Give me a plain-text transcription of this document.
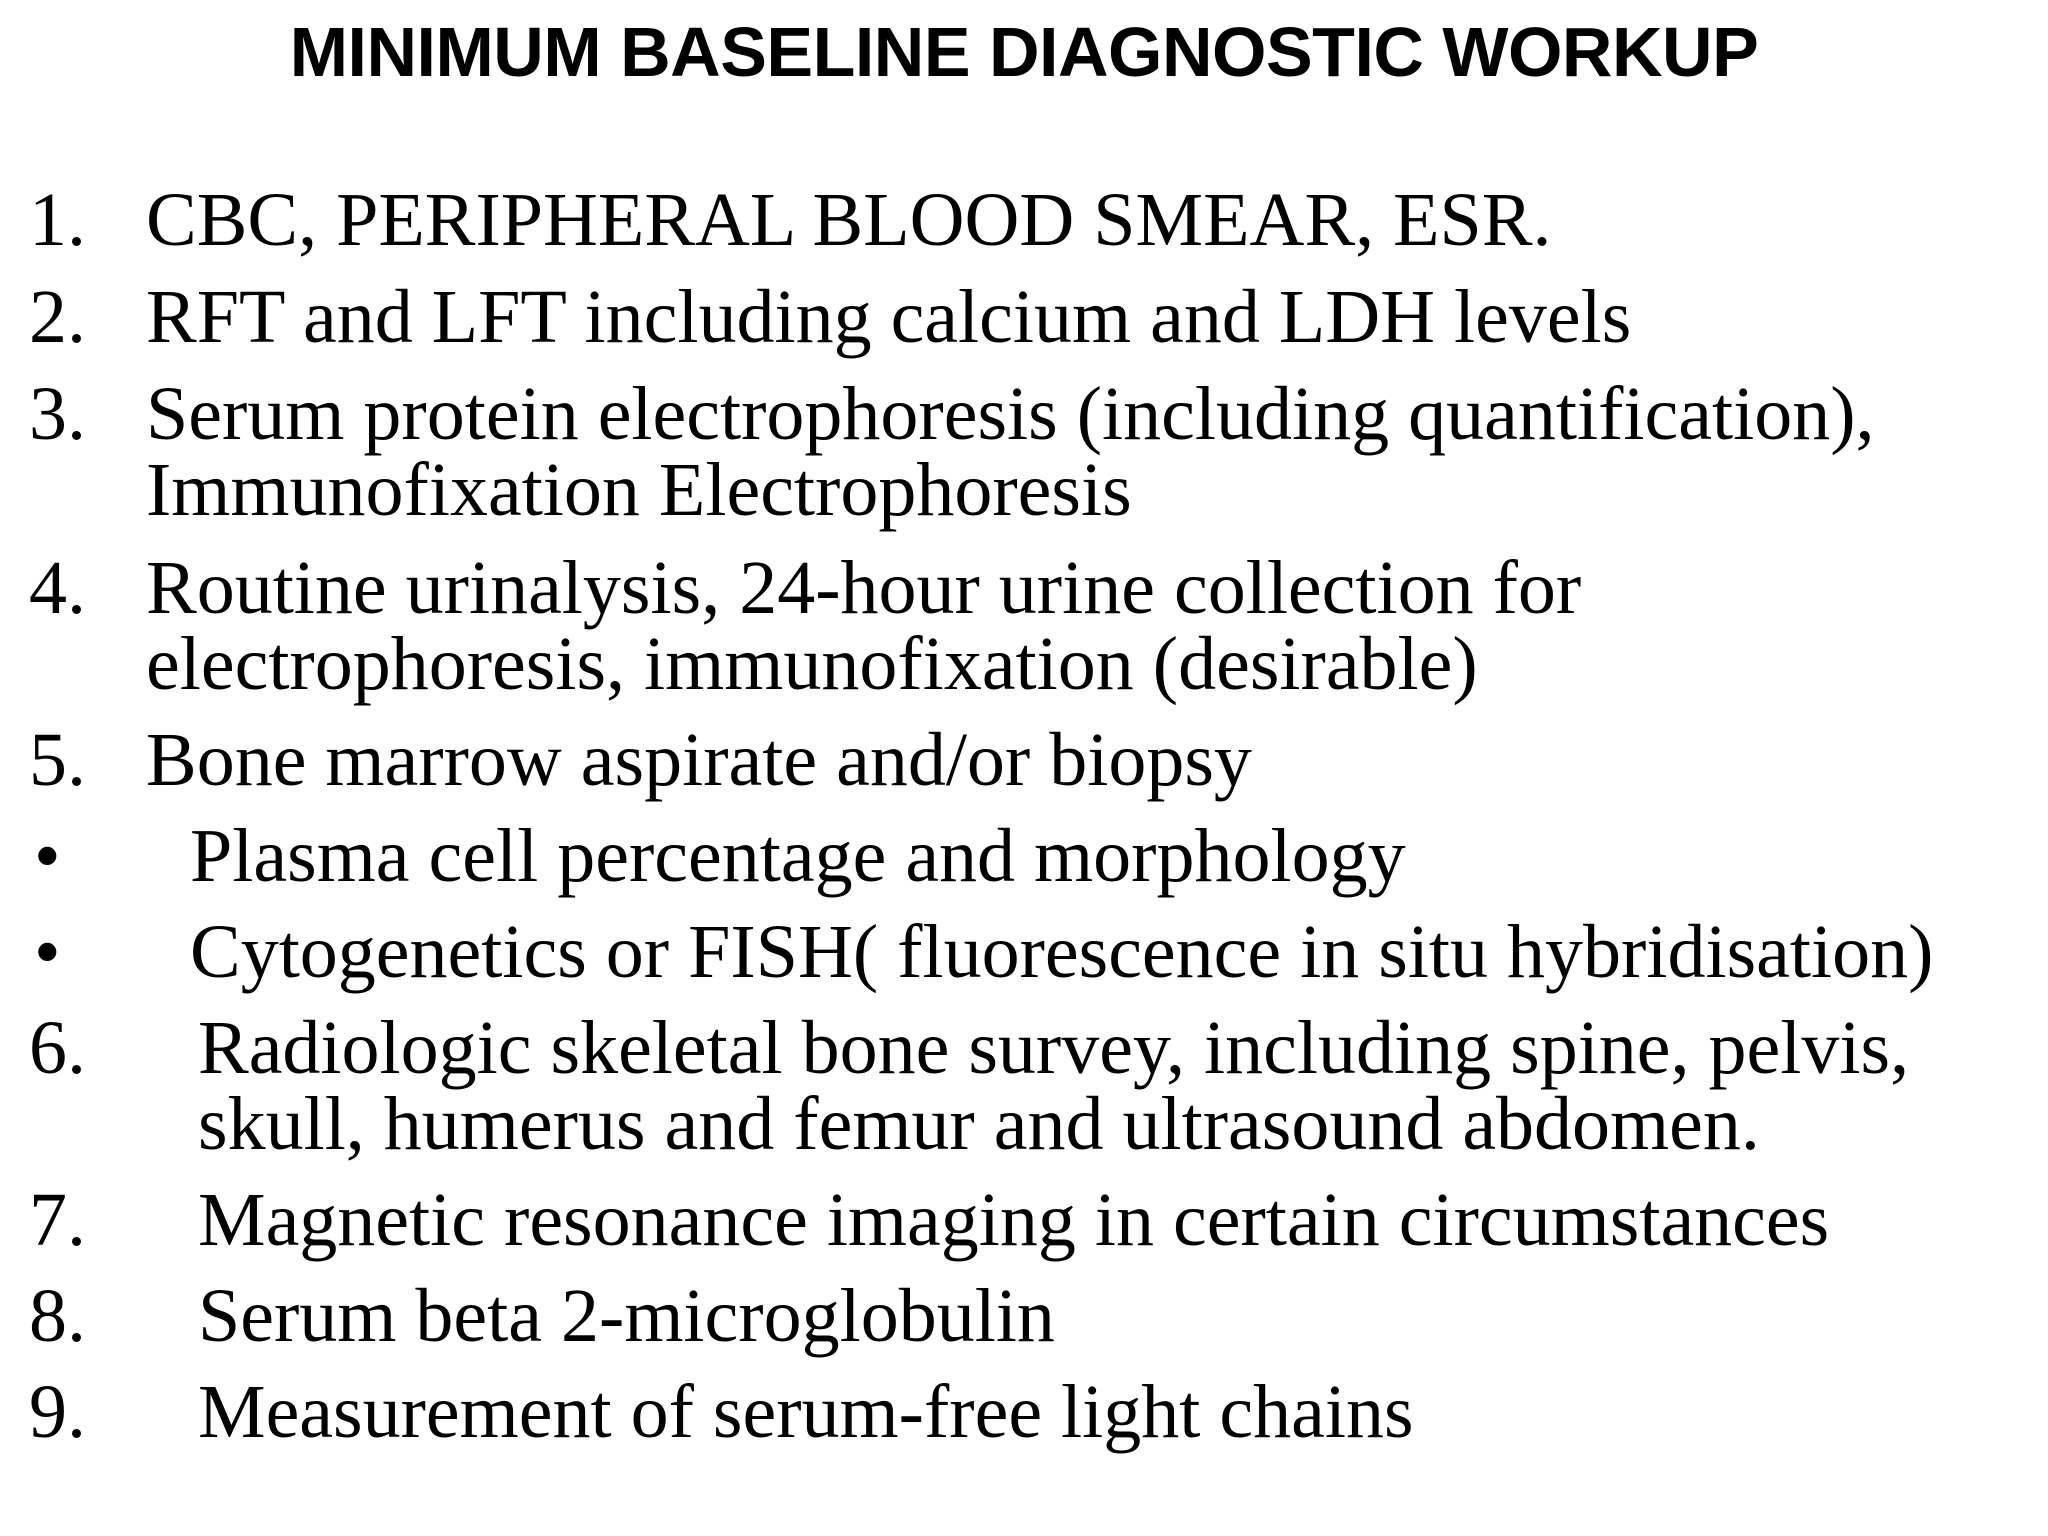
MINIMUM BASELINE DIAGNOSTIC WORKUP
1. CBC, PERIPHERAL BLOOD SMEAR, ESR.
2. RFT and LFT including calcium and LDH levels
3. Serum protein electrophoresis (including quantification),
Immunofixation Electrophoresis
4. Routine urinalysis, 24-hour urine collection for
electrophoresis, immunofixation (desirable)
5. Bone marrow aspirate and/or biopsy
• Plasma cell percentage and morphology
• Cytogenetics or FISH( fluorescence in situ hybridisation)
6. Radiologic skeletal bone survey, including spine, pelvis,
skull, humerus and femur and ultrasound abdomen.
7. Magnetic resonance imaging in certain circumstances
8. Serum beta 2-microglobulin
9. Measurement of serum-free light chains
